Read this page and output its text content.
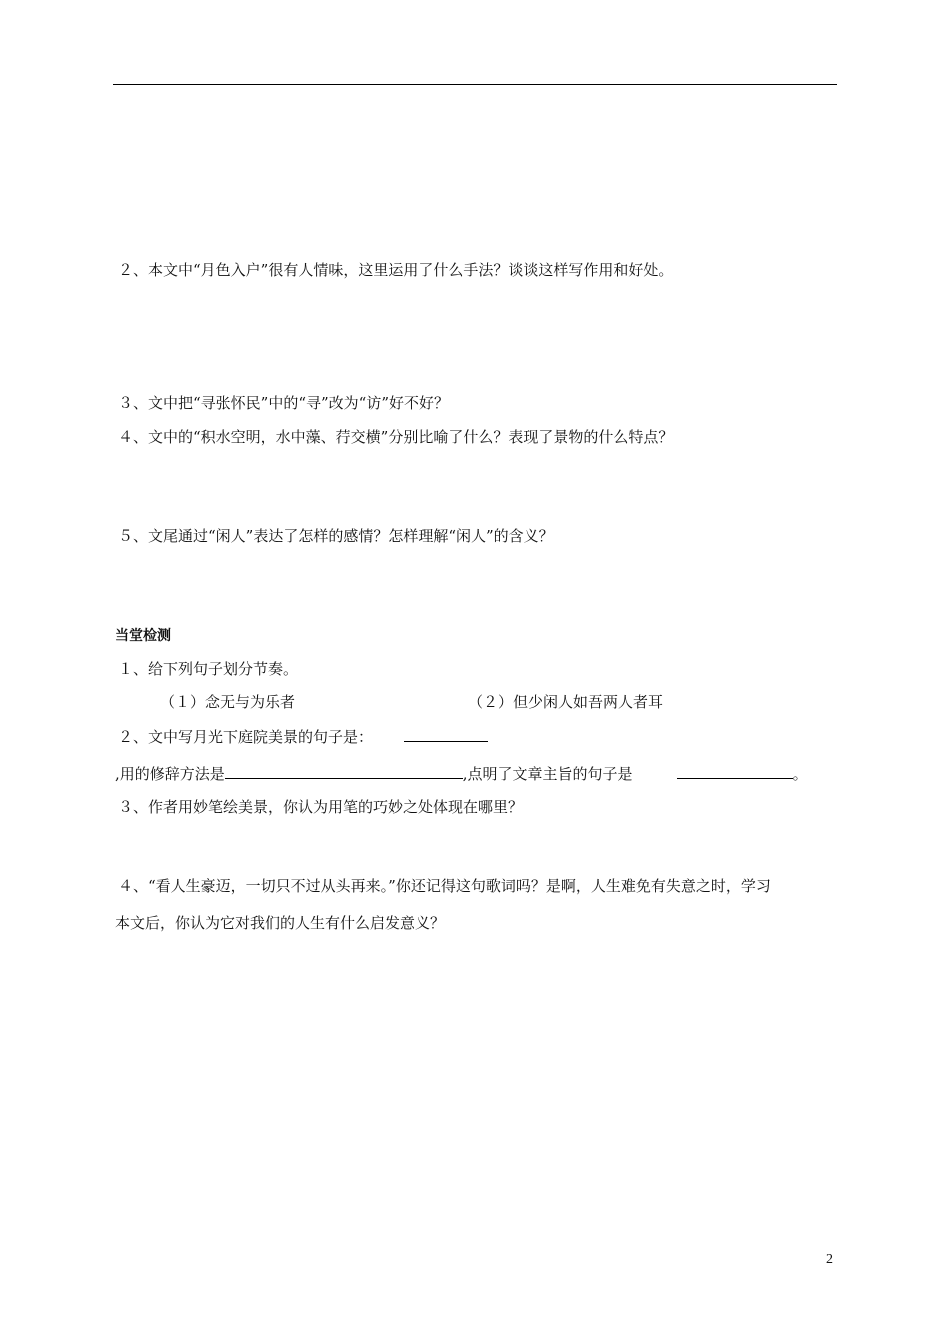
２、本文中“月色入户”很有人情味，这里运用了什么手法？谈谈这样写作用和好处。
３、文中把“寻张怀民”中的“寻”改为“访”好不好？
４、文中的“积水空明，水中藻、荇交横”分别比喻了什么？表现了景物的什么特点？
５、文尾通过“闲人”表达了怎样的感情？怎样理解“闲人”的含义？
当堂检测
１、给下列句子划分节奏。
（１）念无与为乐者	（２）但少闲人如吾两人者耳
２、文中写月光下庭院美景的句子是：
,用的修辞方法是	,点明了文章主旨的句子是	。
３、作者用妙笔绘美景，你认为用笔的巧妙之处体现在哪里？
４、“看人生豪迈，一切只不过从头再来。”你还记得这句歌词吗？是啊，人生难免有失意之时，学习
本文后，你认为它对我们的人生有什么启发意义？
2
